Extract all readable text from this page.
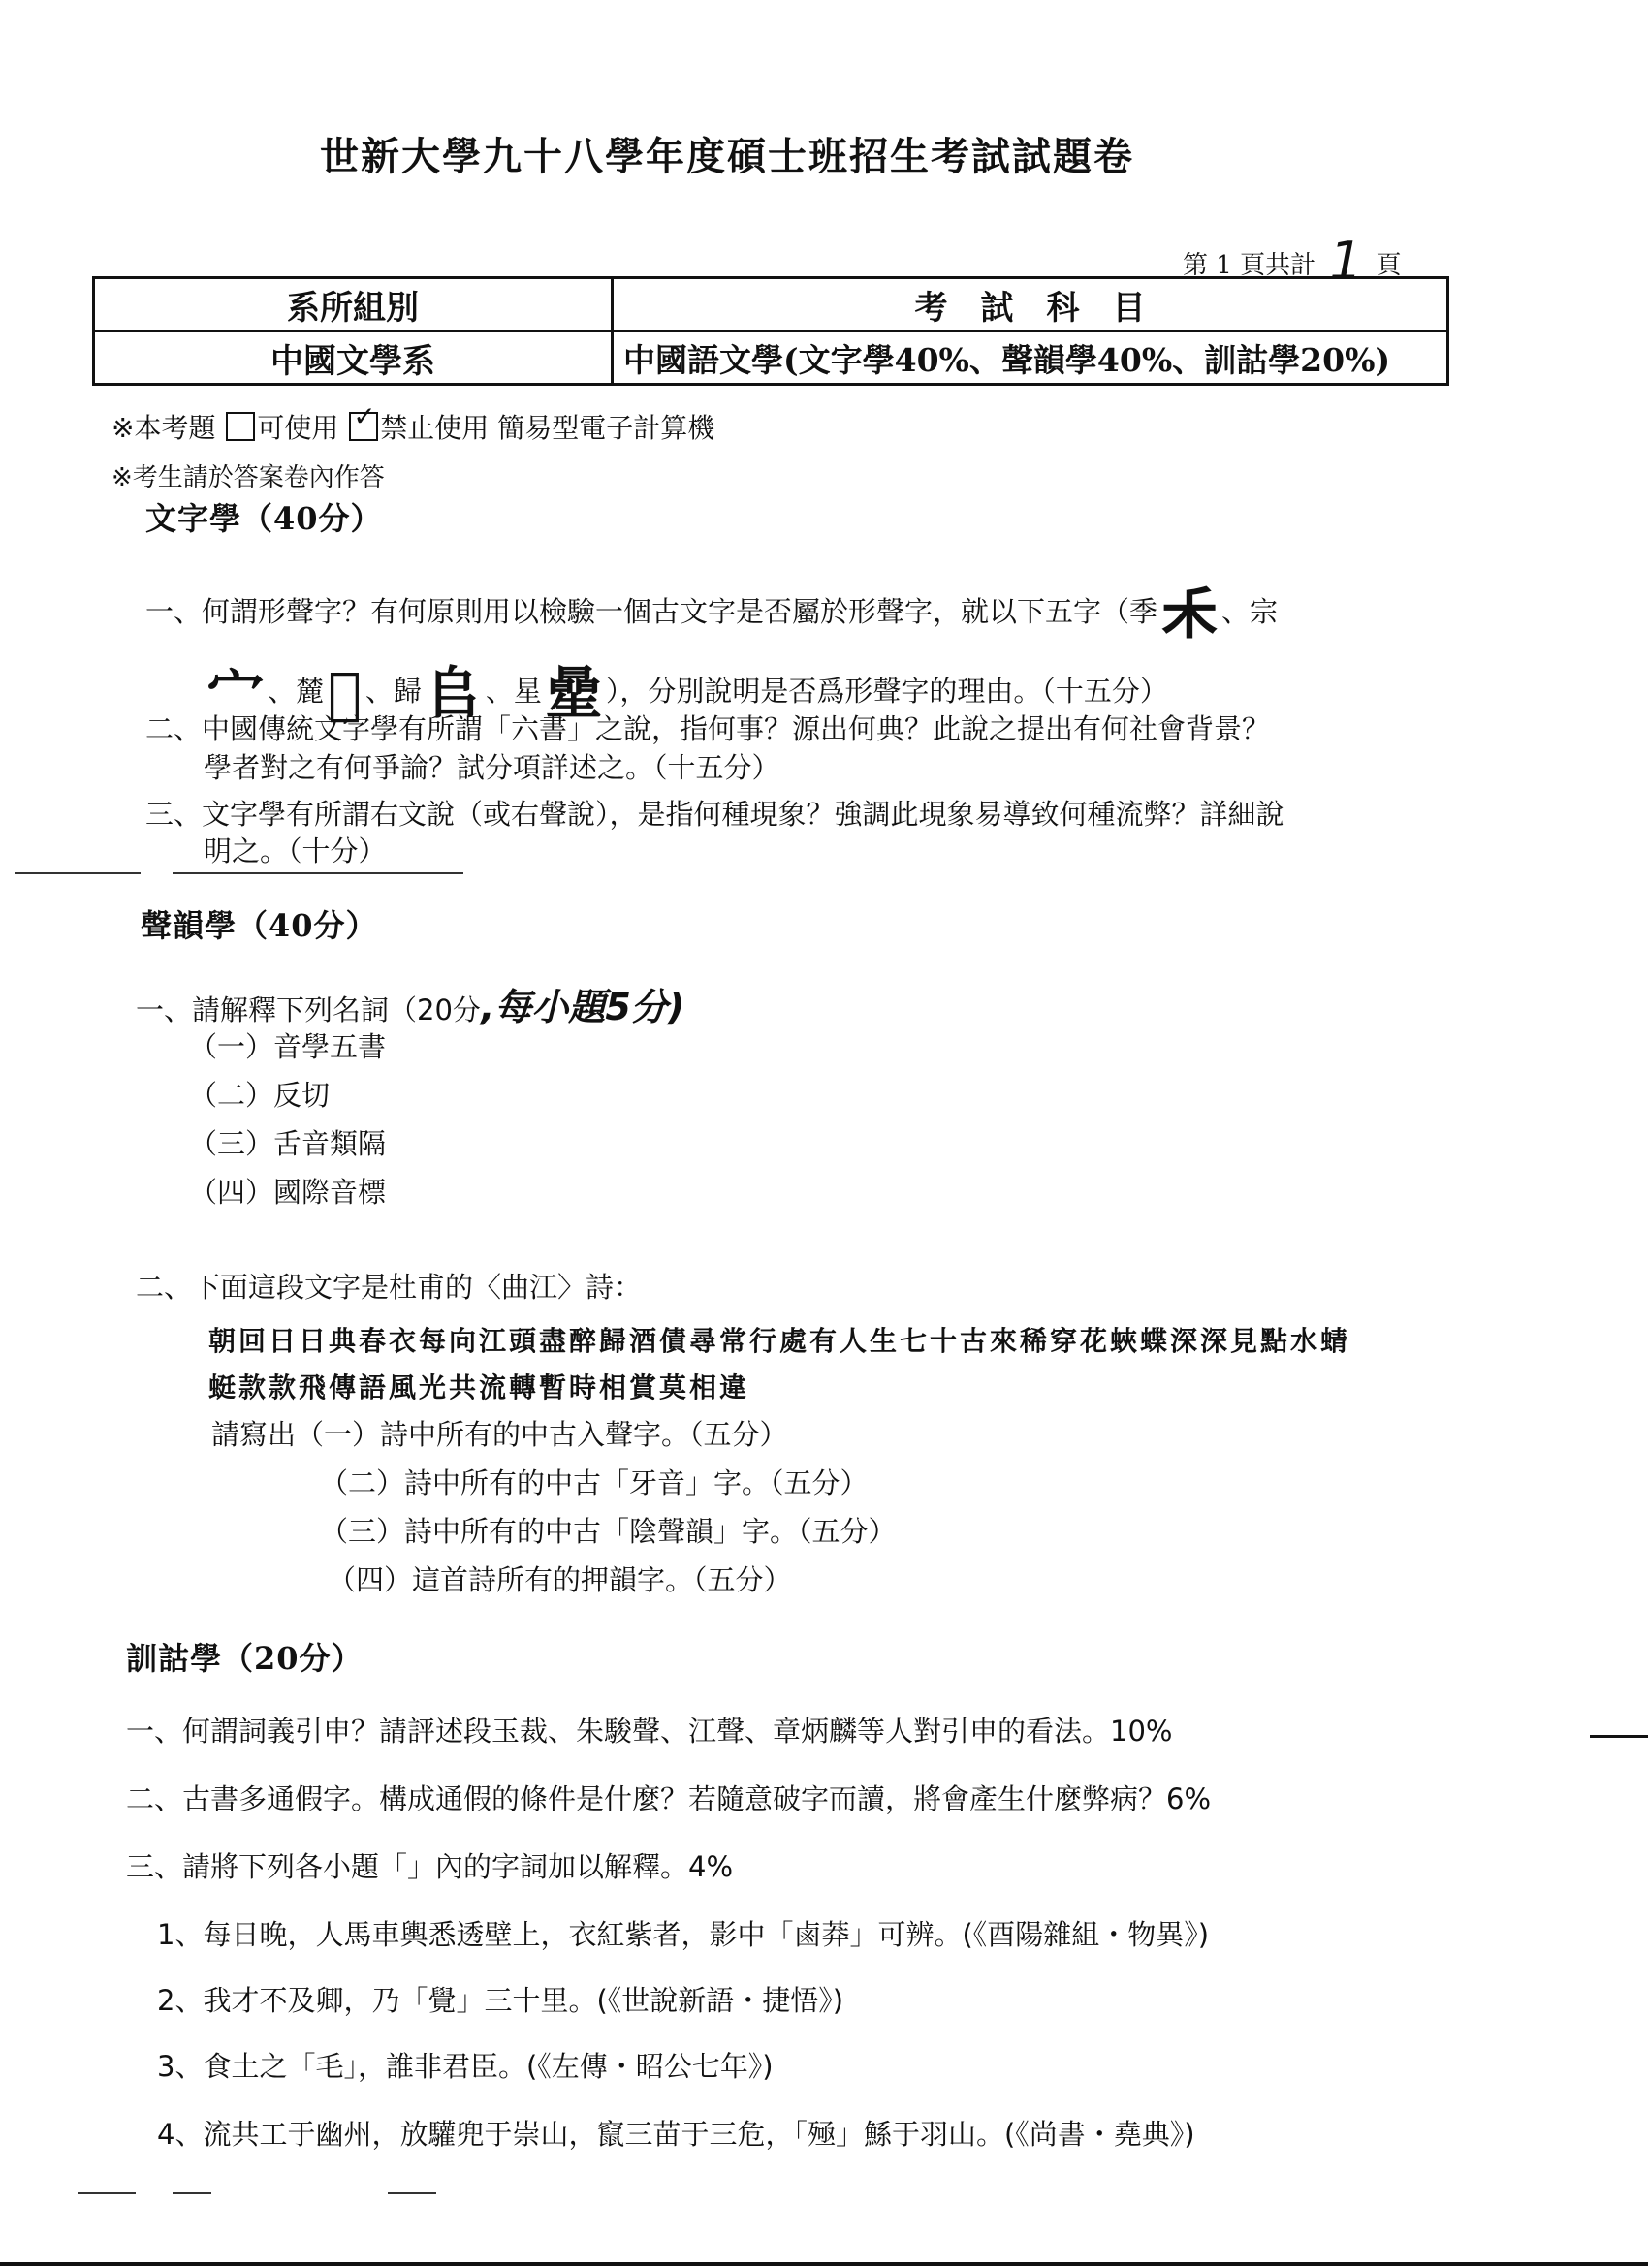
世新大學九十八學年度碩士班招生考試試題卷
第 1 頁共計 1 頁
系所組別	考　試　科　目
中國文學系	中國語文學(文字學40%、聲韻學40%、訓詁學20%)
※本考題 可使用 ✓ 禁止使用 簡易型電子計算機
※考生請於答案卷內作答
文字學（40分）
一、何謂形聲字？有何原則用以檢驗一個古文字是否屬於形聲字，就以下五字（季𥝌 、宗
宀 、麓𣚻 、歸𠂤 、星曐 ），分別說明是否爲形聲字的理由。（十五分）
二、中國傳統文字學有所謂「六書」之說，指何事？源出何典？此說之提出有何社會背景？
學者對之有何爭論？試分項詳述之。（十五分）
三、文字學有所謂右文說（或右聲說），是指何種現象？強調此現象易導致何種流弊？詳細說
明之。（十分）
聲韻學（40分）
一、請解釋下列名詞（20分,每小題5分)
（一）音學五書
（二）反切
（三）舌音類隔
（四）國際音標
二、下面這段文字是杜甫的〈曲江〉詩：
朝回日日典春衣每向江頭盡醉歸酒債尋常行處有人生七十古來稀穿花蛺蝶深深見點水蜻
蜓款款飛傳語風光共流轉暫時相賞莫相違
請寫出（一）詩中所有的中古入聲字。（五分）
（二）詩中所有的中古「牙音」字。（五分）
（三）詩中所有的中古「陰聲韻」字。（五分）
（四）這首詩所有的押韻字。（五分）
訓詁學（20分）
一、何謂詞義引申？請評述段玉裁、朱駿聲、江聲、章炳麟等人對引申的看法。10%
二、古書多通假字。構成通假的條件是什麼？若隨意破字而讀，將會產生什麼弊病？6%
三、請將下列各小題「」內的字詞加以解釋。4%
1、每日晚，人馬車輿悉透壁上，衣紅紫者，影中「鹵莽」可辨。(《酉陽雜組・物異》)
2、我才不及卿，乃「覺」三十里。(《世說新語・捷悟》)
3、食土之「毛」，誰非君臣。(《左傳・昭公七年》)
4、流共工于幽州，放驩兜于崇山，竄三苗于三危，「殛」鯀于羽山。(《尚書・堯典》)
